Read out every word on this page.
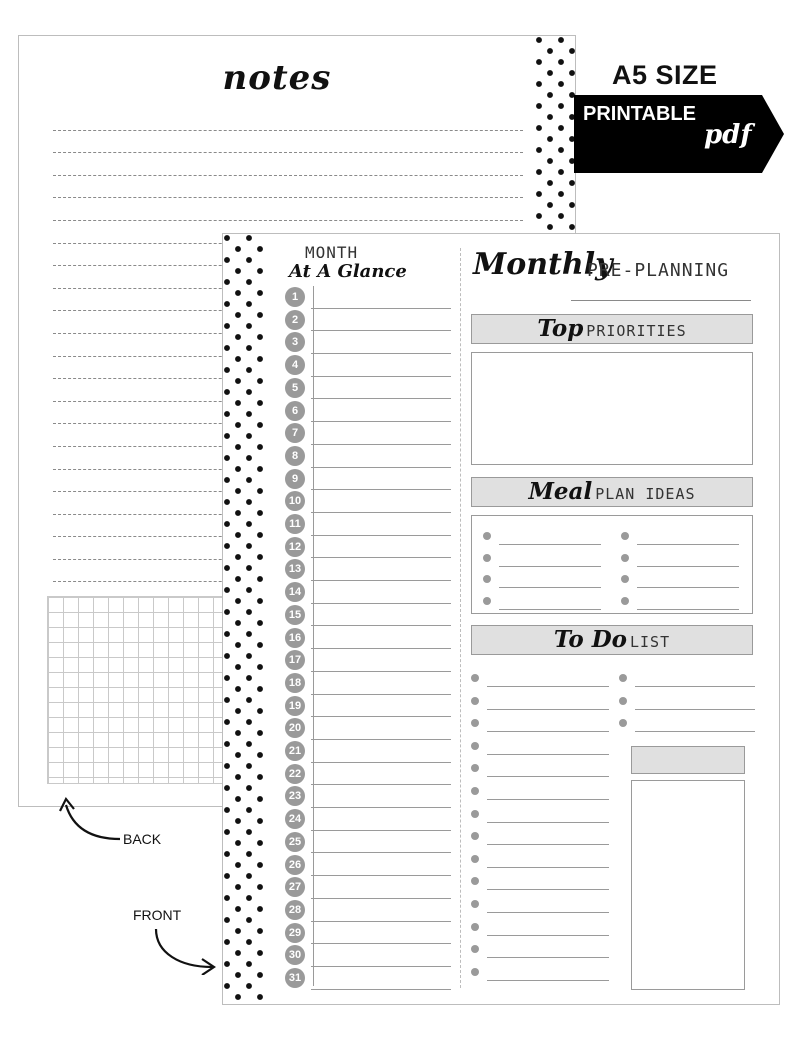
notes	A5 SIZE
PRINTABLE
pdf
BACK
FRONT
MONTH
At A Glance Monthly
PRE-PLANNING
Top PRIORITIES
Meal PLAN IDEAS
To Do LIST
1
2
3
4
5
6
7
8
9
10
11
12
13
14
15
16
17
18
19
20
21
22
23
24
25
26
27
28
29
30
31
